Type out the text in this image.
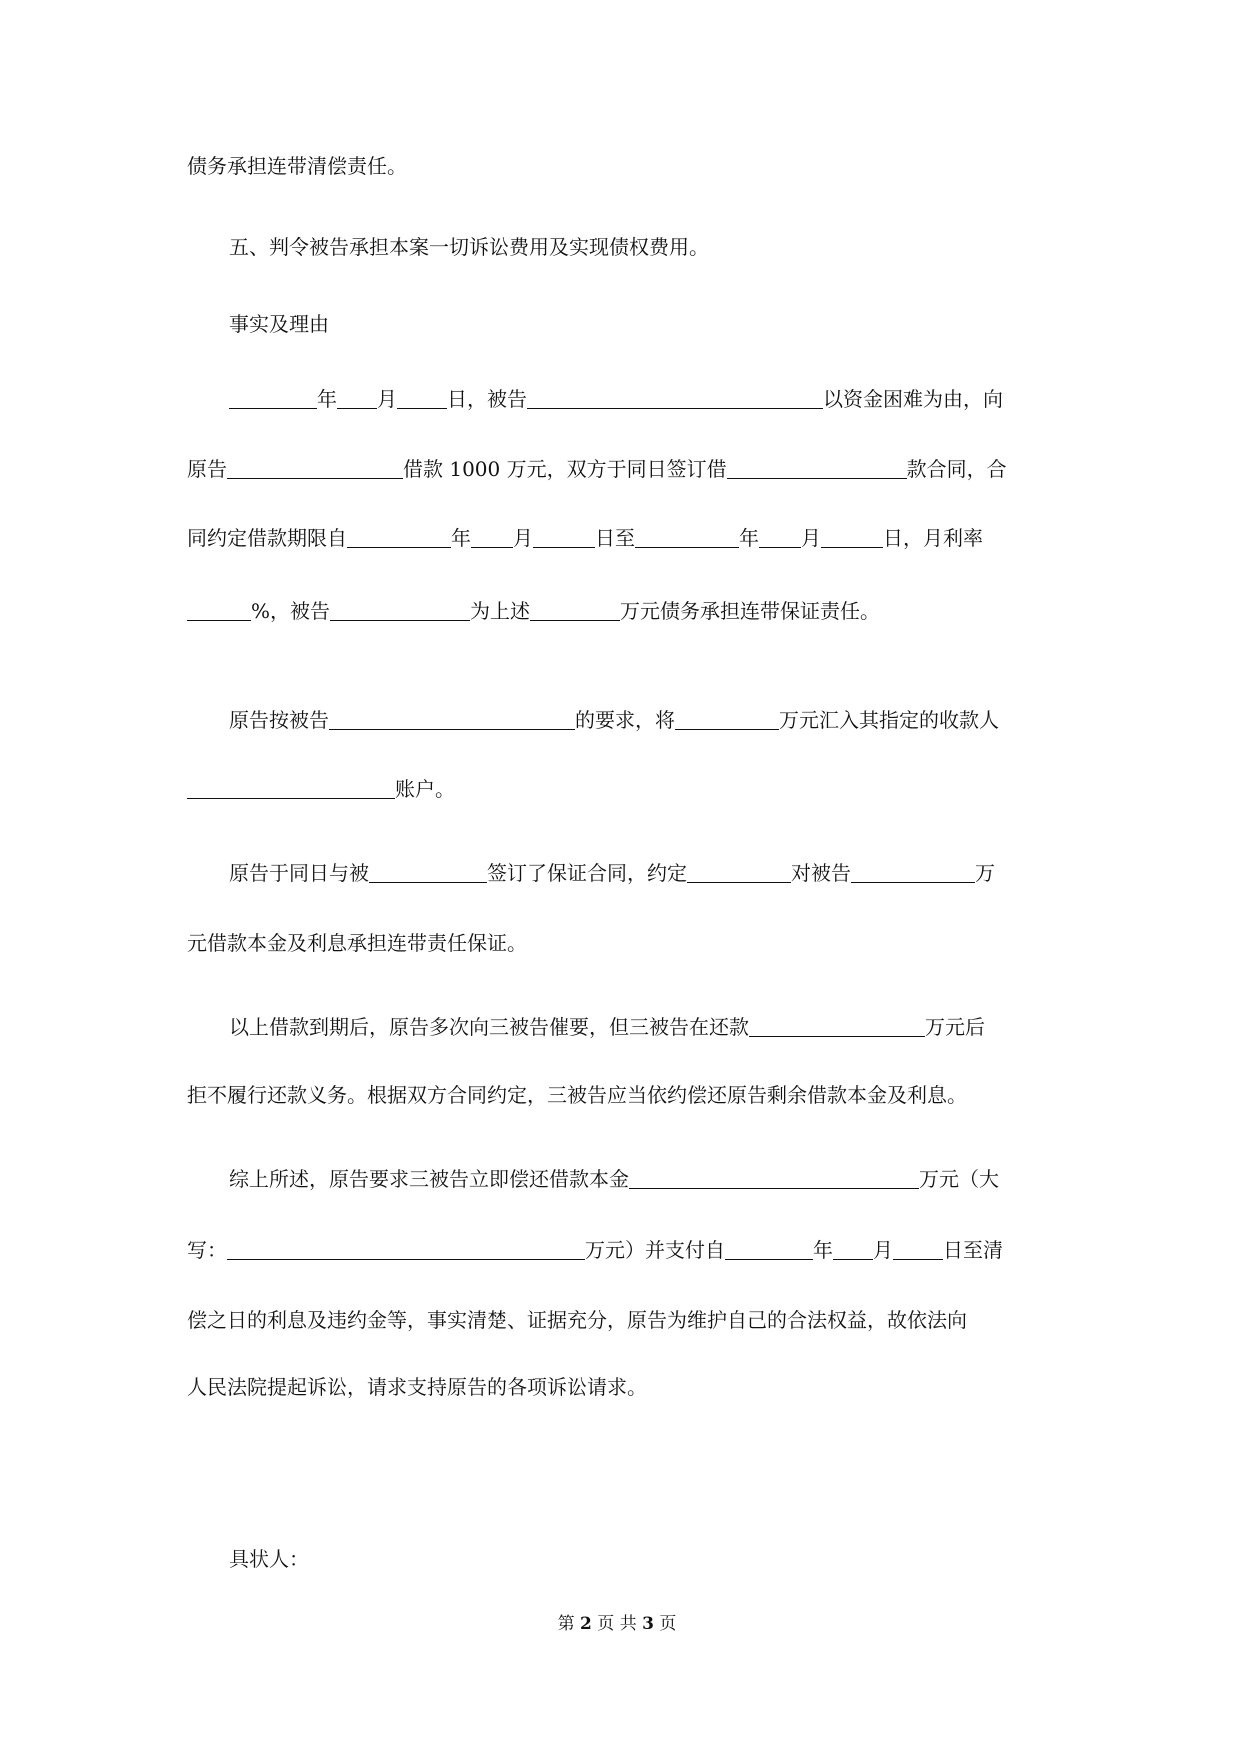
债务承担连带清偿责任。
五、判令被告承担本案一切诉讼费用及实现债权费用。
事实及理由
年 月	日，被告	以资金困难为由，向
原告	借款 1000 万元，双方于同日签订借	款合同，合
同约定借款期限自	年 月	日至	年 月	日，月利率
%，被告	为上述	万元债务承担连带保证责任。
原告按被告	的要求，将	万元汇入其指定的收款人
账户。
原告于同日与被	签订了保证合同，约定	对被告	万
元借款本金及利息承担连带责任保证。
以上借款到期后，原告多次向三被告催要，但三被告在还款	万元后
拒不履行还款义务。根据双方合同约定，三被告应当依约偿还原告剩余借款本金及利息。
综上所述，原告要求三被告立即偿还借款本金	万元（大
写：	万元）并支付自	年 月	日至清
偿之日的利息及违约金等，事实清楚、证据充分，原告为维护自己的合法权益，故依法向
人民法院提起诉讼，请求支持原告的各项诉讼请求。
具状人：
第 2 页 共 3 页
